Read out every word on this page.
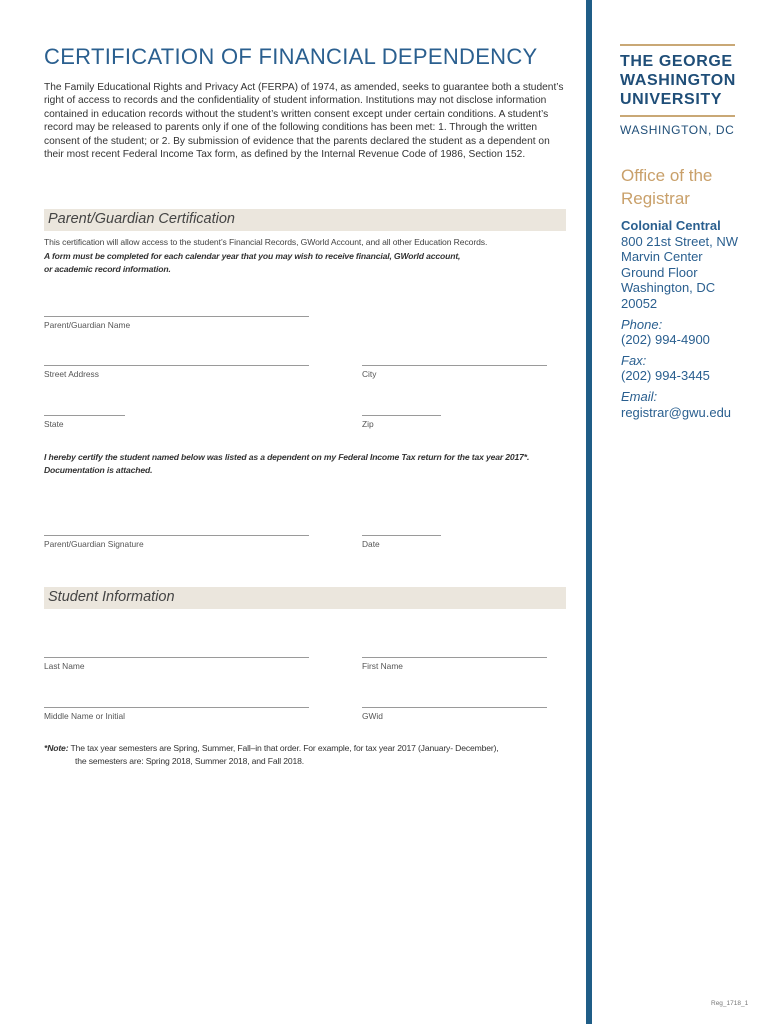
CERTIFICATION OF FINANCIAL DEPENDENCY
The Family Educational Rights and Privacy Act (FERPA) of 1974, as amended, seeks to guarantee both a student’s right of access to records and the confidentiality of student information. Institutions may not disclose information contained in education records without the student’s written consent except under certain conditions. A student’s record may be released to parents only if one of the following conditions has been met: 1. Through the written consent of the student; or 2. By submission of evidence that the parents declared the student as a dependent on their most recent Federal Income Tax form, as defined by the Internal Revenue Code of 1986, Section 152.
Parent/Guardian Certification
This certification will allow access to the student’s Financial Records, GWorld Account, and all other Education Records.
A form must be completed for each calendar year that you may wish to receive financial, GWorld account,
or academic record information.
Parent/Guardian Name
Street Address	City
State	Zip
I hereby certify the student named below was listed as a dependent on my Federal Income Tax return for the tax year 2017*.
Documentation is attached.
Parent/Guardian Signature	Date
Student Information
Last Name	First Name
Middle Name or Initial	GWid
*Note: The tax year semesters are Spring, Summer, Fall–in that order. For example, for tax year 2017 (January- December),
the semesters are: Spring 2018, Summer 2018, and Fall 2018.
THE GEORGE
WASHINGTON
UNIVERSITY
WASHINGTON, DC
Office of the
Registrar
Colonial Central
800 21st Street, NW
Marvin Center
Ground Floor
Washington, DC
20052
Phone:
(202) 994-4900
Fax:
(202) 994-3445
Email:
registrar@gwu.edu
Reg_1718_1
